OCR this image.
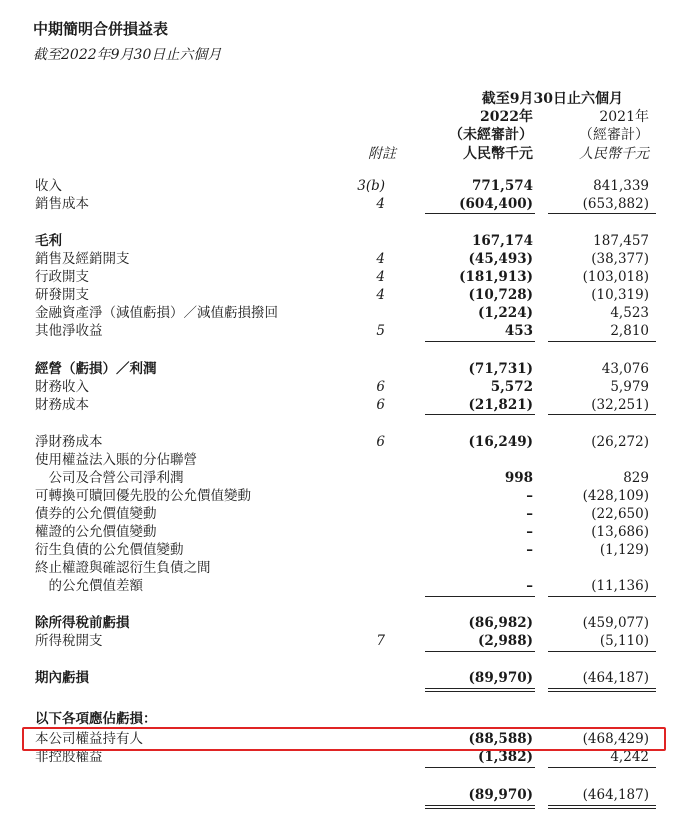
中期簡明合併損益表
截至2022年9月30日止六個月
截至9月30日止六個月
2022年	2021年
（未經審計）	（經審計）
人民幣千元	人民幣千元
附註
收入	3(b)	771,574	841,339
銷售成本	4	(604,400)	(653,882)
毛利	167,174	187,457
銷售及經銷開支	4	(45,493)	(38,377)
行政開支	4	(181,913)	(103,018)
研發開支	4	(10,728)	(10,319)
金融資產淨（減值虧損）／減值虧損撥回	(1,224)	4,523
其他淨收益	5	453	2,810
經營（虧損）／利潤	(71,731)	43,076
財務收入	6	5,572	5,979
財務成本	6	(21,821)	(32,251)
淨財務成本	6	(16,249)	(26,272)
使用權益法入賬的分佔聯營
　公司及合營公司淨利潤	998	829
可轉換可贖回優先股的公允價值變動	–	(428,109)
債券的公允價值變動	–	(22,650)
權證的公允價值變動	–	(13,686)
衍生負債的公允價值變動	–	(1,129)
終止權證與確認衍生負債之間
　的公允價值差額	–	(11,136)
除所得稅前虧損	(86,982)	(459,077)
所得稅開支	7	(2,988)	(5,110)
期內虧損	(89,970)	(464,187)
以下各項應佔虧損：
本公司權益持有人	(88,588)	(468,429)
非控股權益	(1,382)	4,242
(89,970)	(464,187)
